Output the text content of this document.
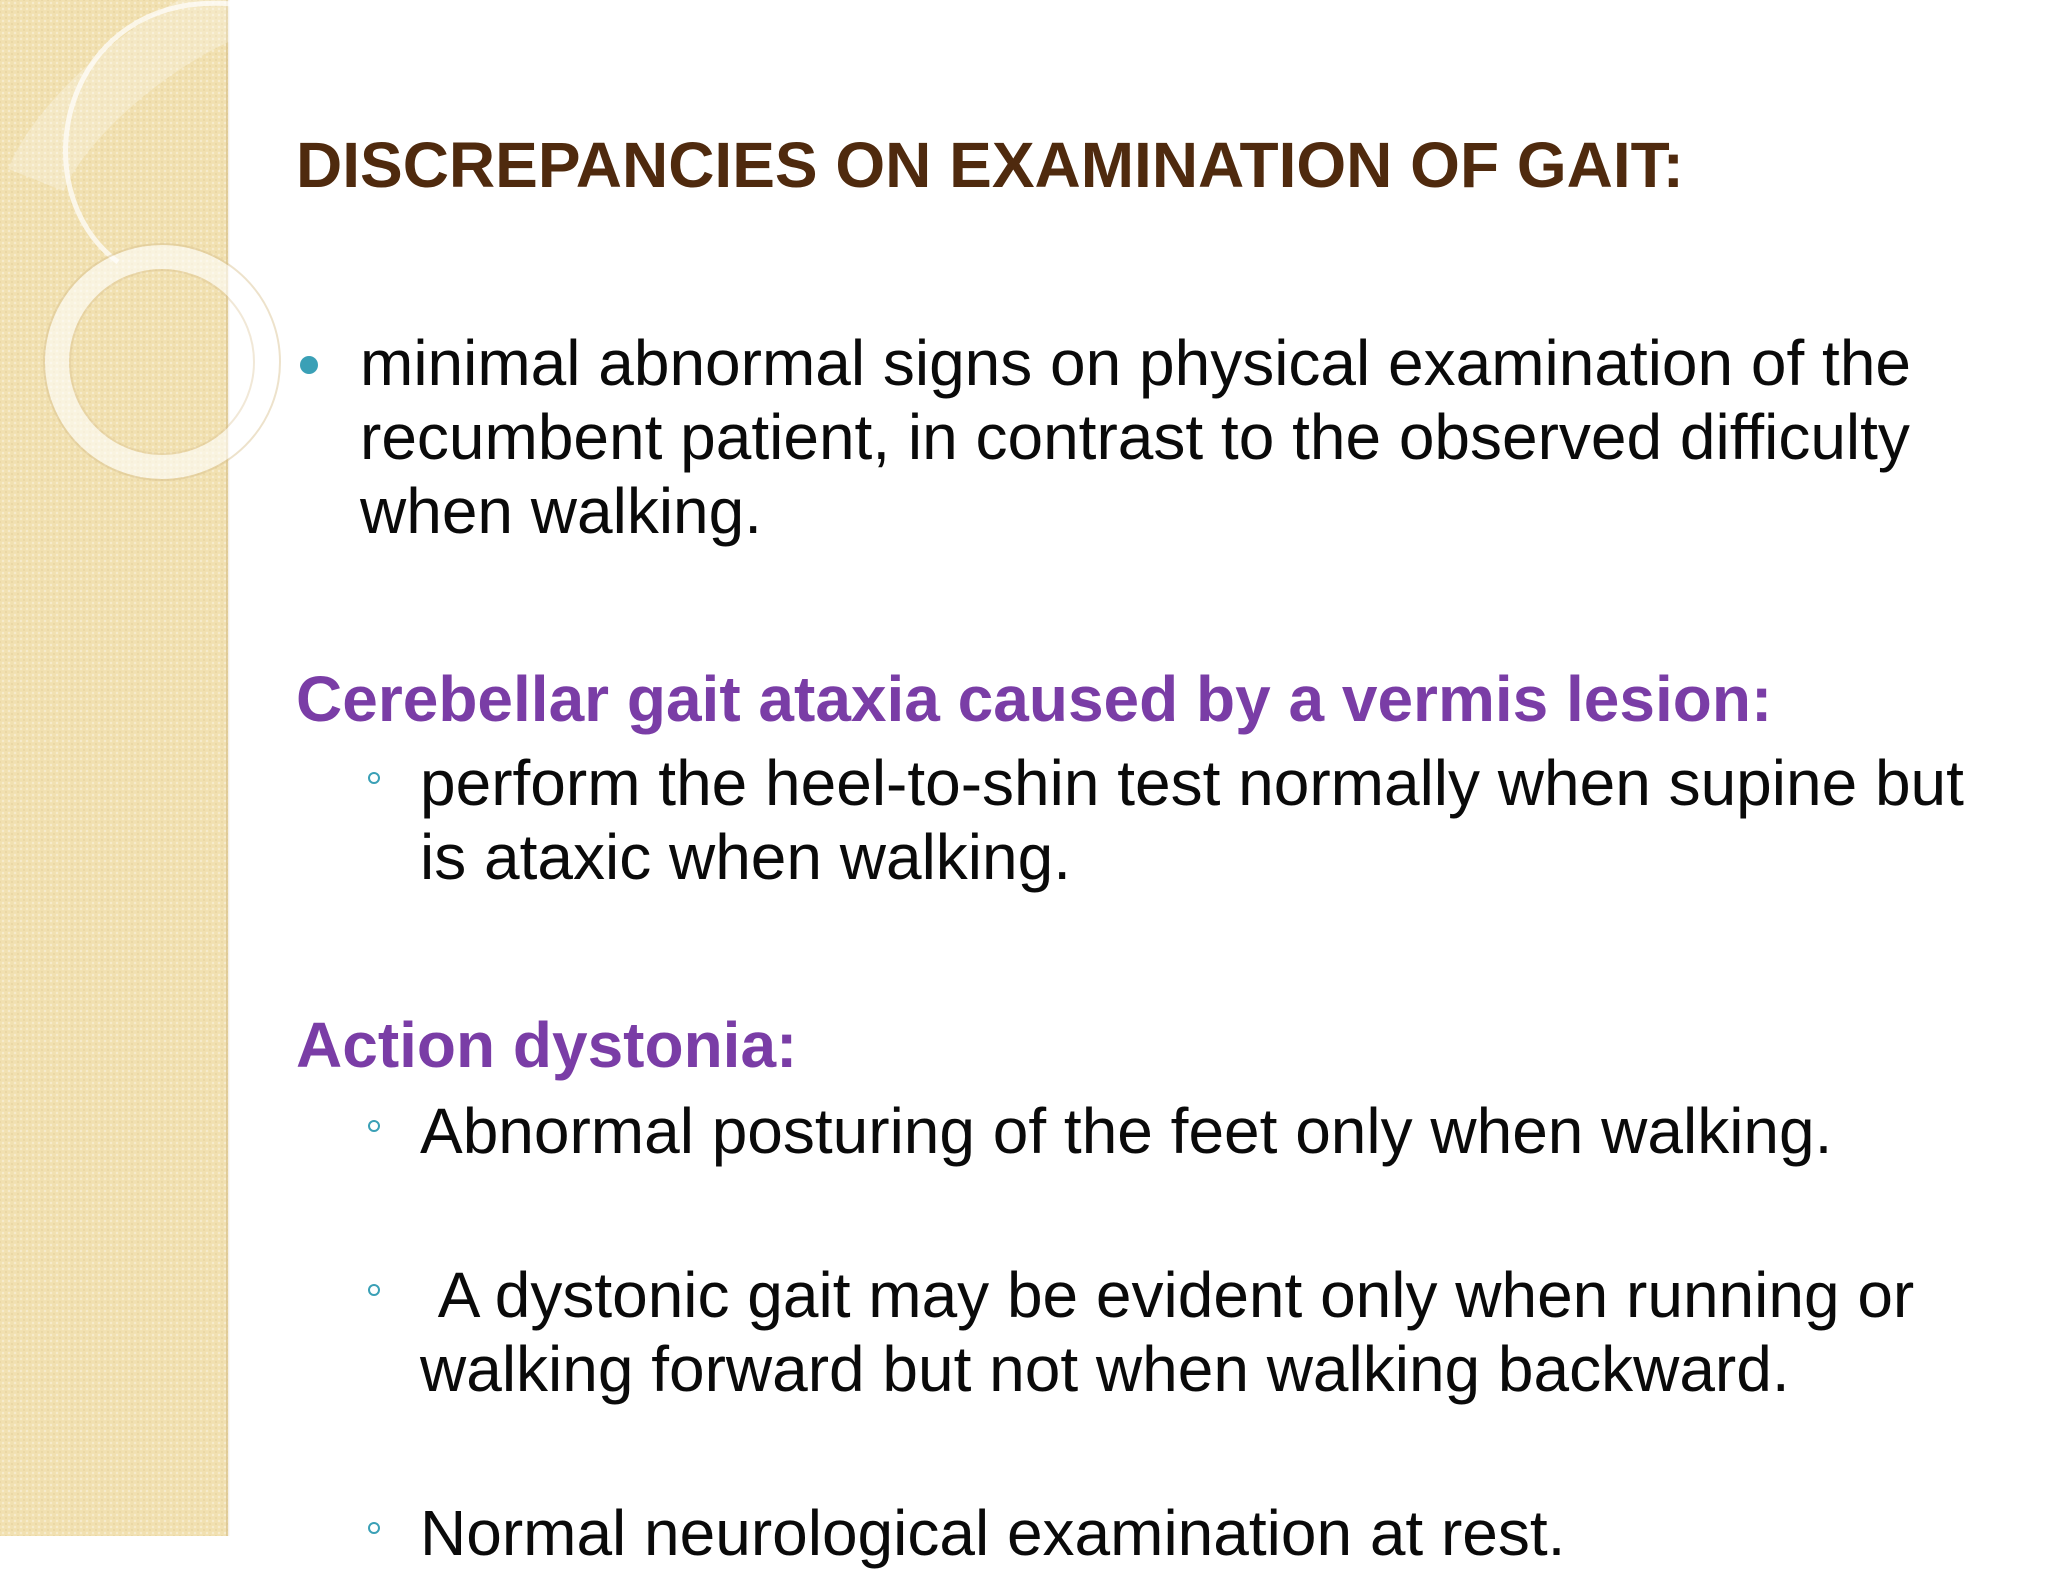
DISCREPANCIES ON EXAMINATION OF GAIT:
minimal abnormal signs on physical examination of the recumbent patient, in contrast to the observed difficulty when walking.
Cerebellar gait ataxia caused by a vermis lesion:
perform the heel-to-shin test normally when supine but is ataxic when walking.
Action dystonia:
Abnormal posturing of the feet only when walking.
A dystonic gait may be evident only when running or walking forward but not when walking backward.
Normal neurological examination at rest.
